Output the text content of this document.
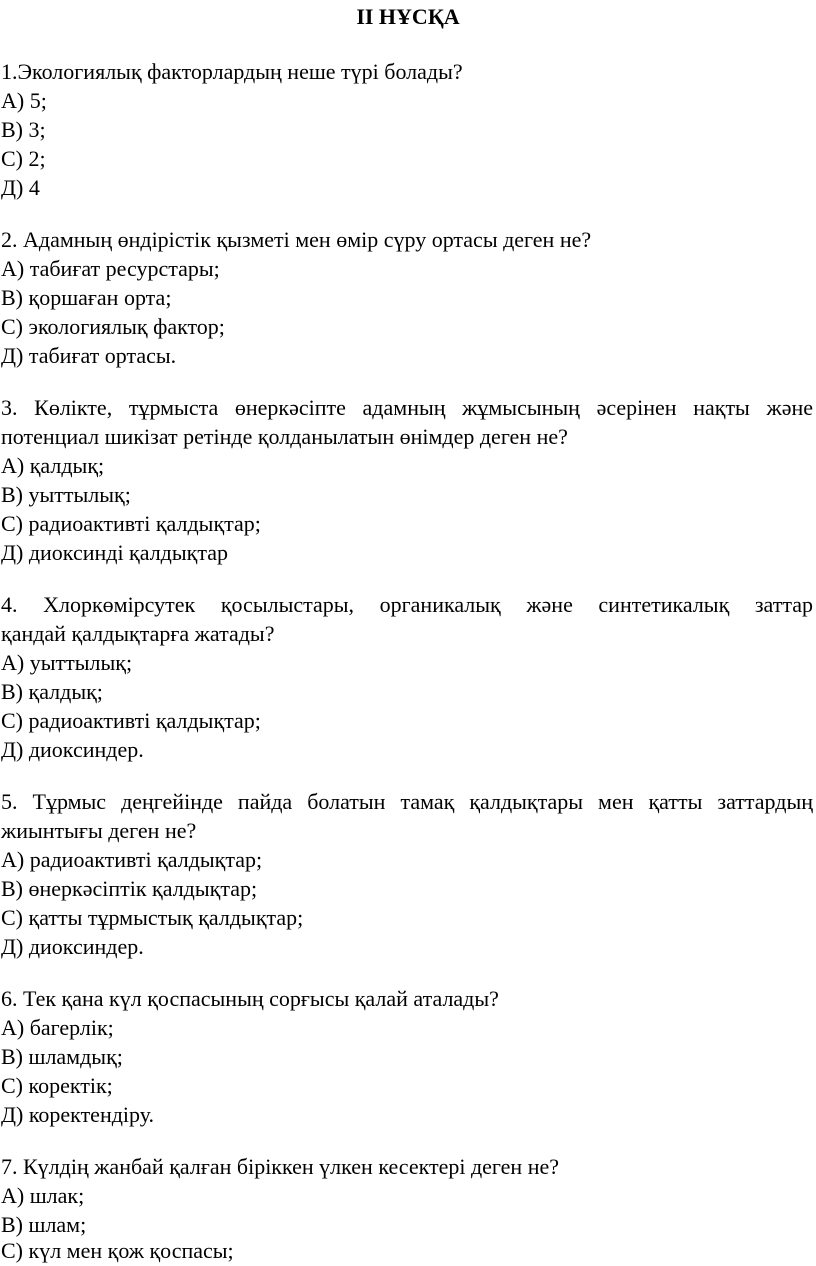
II НҰСҚА
1.Экологиялық факторлардың неше түрі болады?
А) 5;
В) 3;
С) 2;
Д) 4
2. Адамның өндірістік қызметі мен өмір сүру ортасы деген не?
А) табиғат ресурстары;
В) қоршаған орта;
С) экологиялық фактор;
Д) табиғат ортасы.
3. Көлікте, тұрмыста өнеркәсіпте адамның жұмысының әсерінен нақты және
потенциал шикізат ретінде қолданылатын өнімдер деген не?
А) қалдық;
В) уыттылық;
С) радиоактивті қалдықтар;
Д) диоксинді қалдықтар
4. Хлоркөмірсутек қосылыстары, органикалық және синтетикалық заттар
қандай қалдықтарға жатады?
А) уыттылық;
В) қалдық;
С) радиоактивті қалдықтар;
Д) диоксиндер.
5. Тұрмыс деңгейінде пайда болатын тамақ қалдықтары мен қатты заттардың
жиынтығы деген не?
А) радиоактивті қалдықтар;
В) өнеркәсіптік қалдықтар;
С) қатты тұрмыстық қалдықтар;
Д) диоксиндер.
6. Тек қана күл қоспасының сорғысы қалай аталады?
А) багерлік;
В) шламдық;
С) коректік;
Д) коректендіру.
7. Күлдің жанбай қалған біріккен үлкен кесектері деген не?
А) шлак;
В) шлам;
С) күл мен қож қоспасы;
